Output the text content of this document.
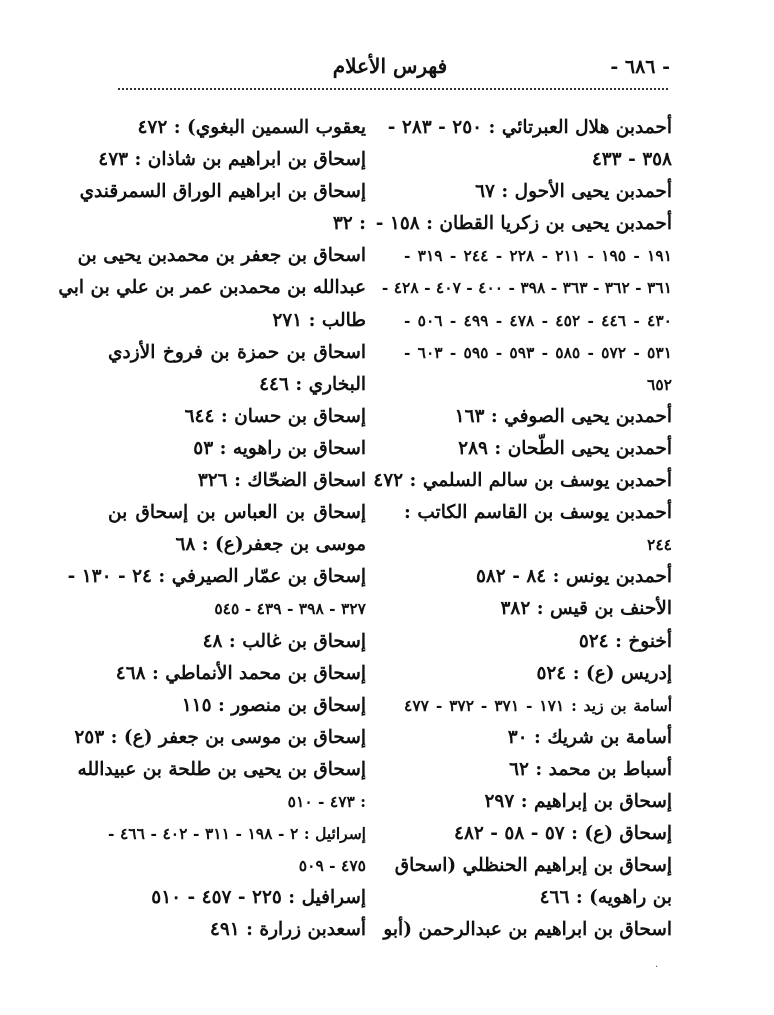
- ٦٨٦ -
فهرس الأعلام
أحمدبن هلال العبرتائي : ٢٥٠ - ٢٨٣ -
٣٥٨ - ٤٣٣
أحمدبن يحيى الأحول : ٦٧
أحمدبن يحيى بن زكريا القطان : ١٥٨ -
١٩١ - ١٩٥ - ٢١١ - ٢٢٨ - ٢٤٤ - ٣١٩ -
٣٦١ - ٣٦٢ - ٣٦٣ - ٣٩٨ - ٤٠٠ - ٤٠٧ - ٤٢٨ -
٤٣٠ - ٤٤٦ - ٤٥٢ - ٤٧٨ - ٤٩٩ - ٥٠٦ -
٥٣١ - ٥٧٢ - ٥٨٥ - ٥٩٣ - ٥٩٥ - ٦٠٣ -
٦٥٢
أحمدبن يحيى الصوفي : ١٦٣
أحمدبن يحيى الطّحان : ٢٨٩
أحمدبن يوسف بن سالم السلمي : ٤٧٢
أحمدبن يوسف بن القاسم الكاتب :
٢٤٤
أحمدبن يونس : ٨٤ - ٥٨٢
الأحنف بن قيس : ٣٨٢
أخنوخ : ٥٢٤
إدريس (ع) : ٥٢٤
أسامة بن زيد : ١٧١ - ٣٧١ - ٣٧٢ - ٤٧٧
أسامة بن شريك : ٣٠
أسباط بن محمد : ٦٢
إسحاق بن إبراهيم : ٢٩٧
إسحاق (ع) : ٥٧ - ٥٨ - ٤٨٢
إسحاق بن إبراهيم الحنظلي (اسحاق
بن راهويه) : ٤٦٦
اسحاق بن ابراهيم بن عبدالرحمن (أبو
يعقوب السمين البغوي) : ٤٧٢
إسحاق بن ابراهيم بن شاذان : ٤٧٣
إسحاق بن ابراهيم الوراق السمرقندي
: ٣٢
اسحاق بن جعفر بن محمدبن يحيى بن
عبدالله بن محمدبن عمر بن علي بن ابي
طالب : ٢٧١
اسحاق بن حمزة بن فروخ الأزدي
البخاري : ٤٤٦
إسحاق بن حسان : ٦٤٤
اسحاق بن راهويه : ٥٣
اسحاق الضحّاك : ٣٢٦
إسحاق بن العباس بن إسحاق بن
موسى بن جعفر(ع) : ٦٨
إسحاق بن عمّار الصيرفي : ٢٤ - ١٣٠ -
٣٢٧ - ٣٩٨ - ٤٣٩ - ٥٤٥
إسحاق بن غالب : ٤٨
إسحاق بن محمد الأنماطي : ٤٦٨
إسحاق بن منصور : ١١٥
إسحاق بن موسى بن جعفر (ع) : ٢٥٣
إسحاق بن يحيى بن طلحة بن عبيدالله
: ٤٧٣ - ٥١٠
إسرائيل : ٢ - ١٩٨ - ٣١١ - ٤٠٢ - ٤٦٦ -
٤٧٥ - ٥٠٩
إسرافيل : ٢٢٥ - ٤٥٧ - ٥١٠
أسعدبن زرارة : ٤٩١
·
